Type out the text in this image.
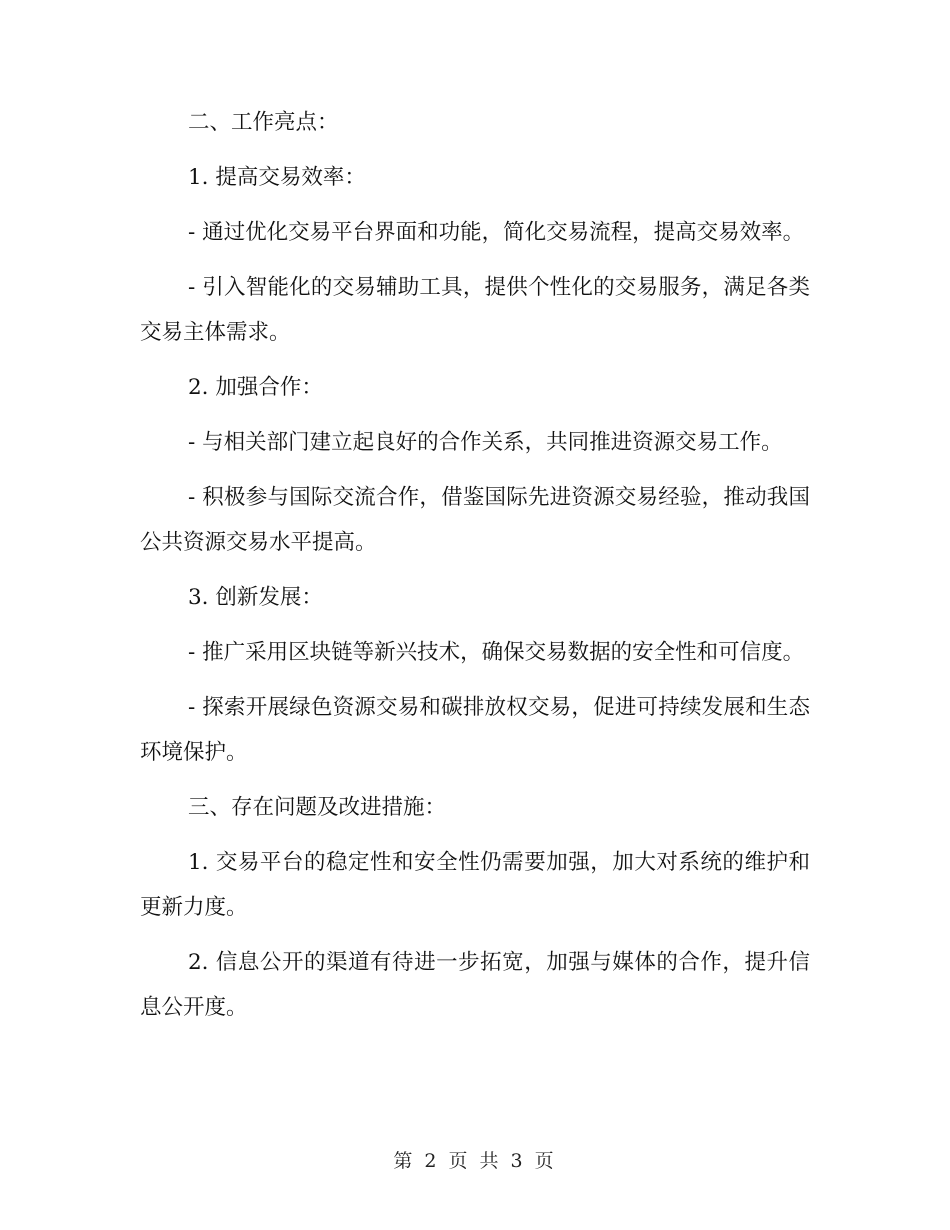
二、工作亮点：

1. 提高交易效率：

- 通过优化交易平台界面和功能，简化交易流程，提高交易效率。

- 引入智能化的交易辅助工具，提供个性化的交易服务，满足各类交易主体需求。

2. 加强合作：

- 与相关部门建立起良好的合作关系，共同推进资源交易工作。

- 积极参与国际交流合作，借鉴国际先进资源交易经验，推动我国公共资源交易水平提高。

3. 创新发展：

- 推广采用区块链等新兴技术，确保交易数据的安全性和可信度。

- 探索开展绿色资源交易和碳排放权交易，促进可持续发展和生态环境保护。

三、存在问题及改进措施：

1. 交易平台的稳定性和安全性仍需要加强，加大对系统的维护和更新力度。

2. 信息公开的渠道有待进一步拓宽，加强与媒体的合作，提升信息公开度。

第 2 页 共 3 页
